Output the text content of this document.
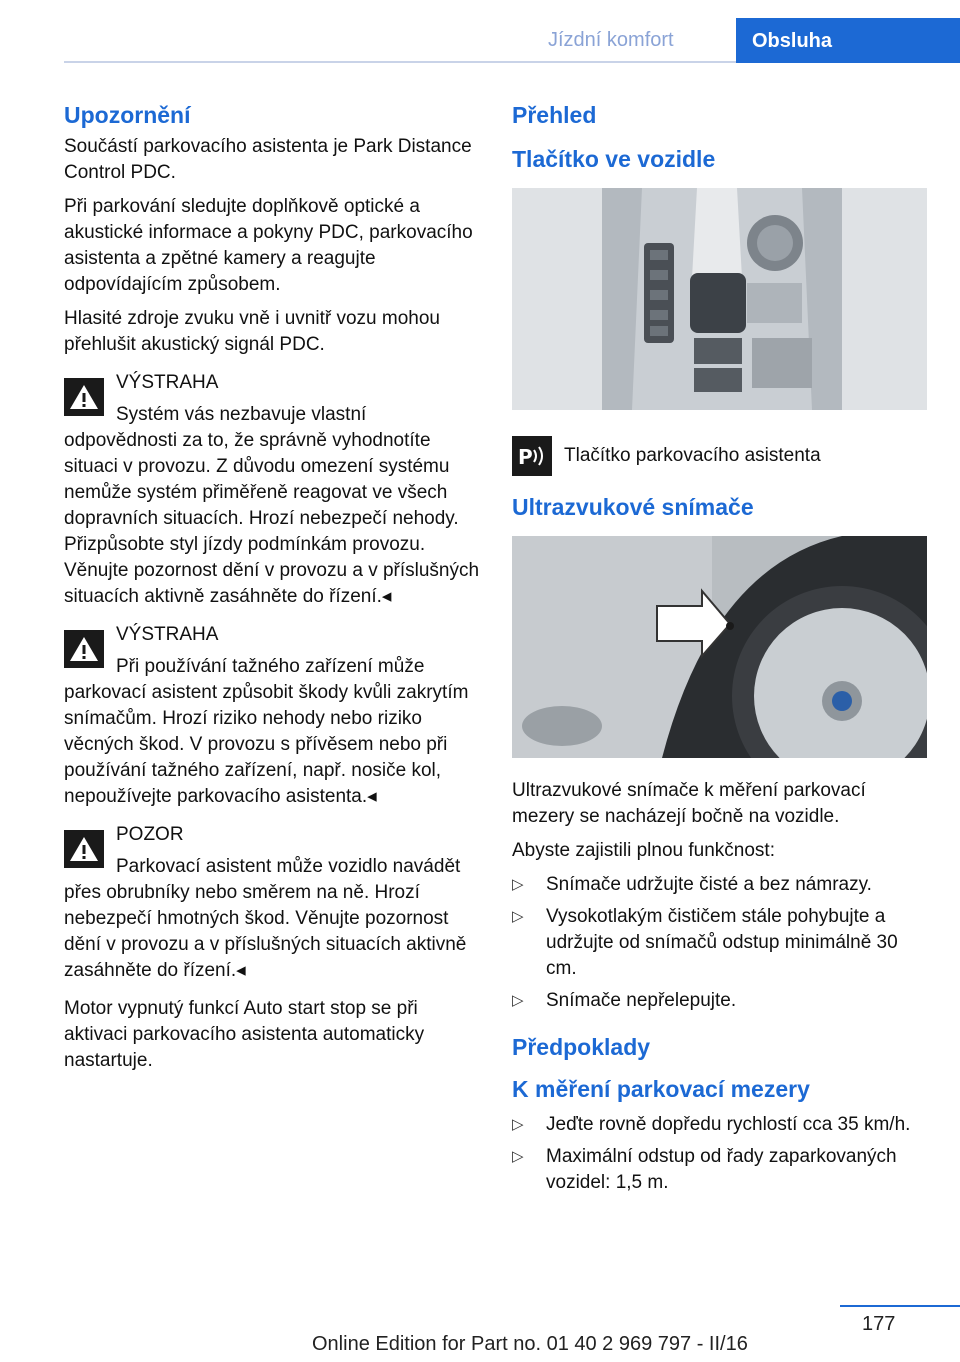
Jízdní komfort	Obsluha
Upozornění

Součástí parkovacího asistenta je Park Distance Control PDC.

Při parkování sledujte doplňkově optické a akustické informace a pokyny PDC, parkovacího asistenta a zpětné kamery a reagujte odpovídajícím způsobem.

Hlasité zdroje zvuku vně i uvnitř vozu mohou přehlušit akustický signál PDC.

VÝSTRAHA
Systém vás nezbavuje vlastní odpovědnosti za to, že správně vyhodnotíte situaci v provozu. Z důvodu omezení systému nemůže systém přiměřeně reagovat ve všech dopravních situacích. Hrozí nebezpečí nehody. Přizpůsobte styl jízdy podmínkám provozu. Věnujte pozornost dění v provozu a v příslušných situacích aktivně zasáhněte do řízení.◂
VÝSTRAHA
Při používání tažného zařízení může parkovací asistent způsobit škody kvůli zakrytím snímačům. Hrozí riziko nehody nebo riziko věcných škod. V provozu s přívěsem nebo při používání tažného zařízení, např. nosiče kol, nepoužívejte parkovacího asistenta.◂
POZOR
Parkovací asistent může vozidlo navádět přes obrubníky nebo směrem na ně. Hrozí nebezpečí hmotných škod. Věnujte pozornost dění v provozu a v příslušných situacích aktivně zasáhněte do řízení.◂

Motor vypnutý funkcí Auto start stop se při aktivaci parkovacího asistenta automaticky nastartuje.

Přehled
Tlačítko ve vozidle
P Tlačítko parkovacího asistenta
Ultrazvukové snímače

Ultrazvukové snímače k měření parkovací mezery se nacházejí bočně na vozidle.

Abyste zajistili plnou funkčnost:

▷ Snímače udržujte čisté a bez námrazy.
▷ Vysokotlakým čističem stále pohybujte a udržujte od snímačů odstup minimálně 30 cm.
▷ Snímače nepřelepujte.
Předpoklady
K měření parkovací mezery
▷ Jeďte rovně dopředu rychlostí cca 35 km/h.
▷ Maximální odstup od řady zaparkovaných vozidel: 1,5 m.
177
Online Edition for Part no. 01 40 2 969 797 - II/16
